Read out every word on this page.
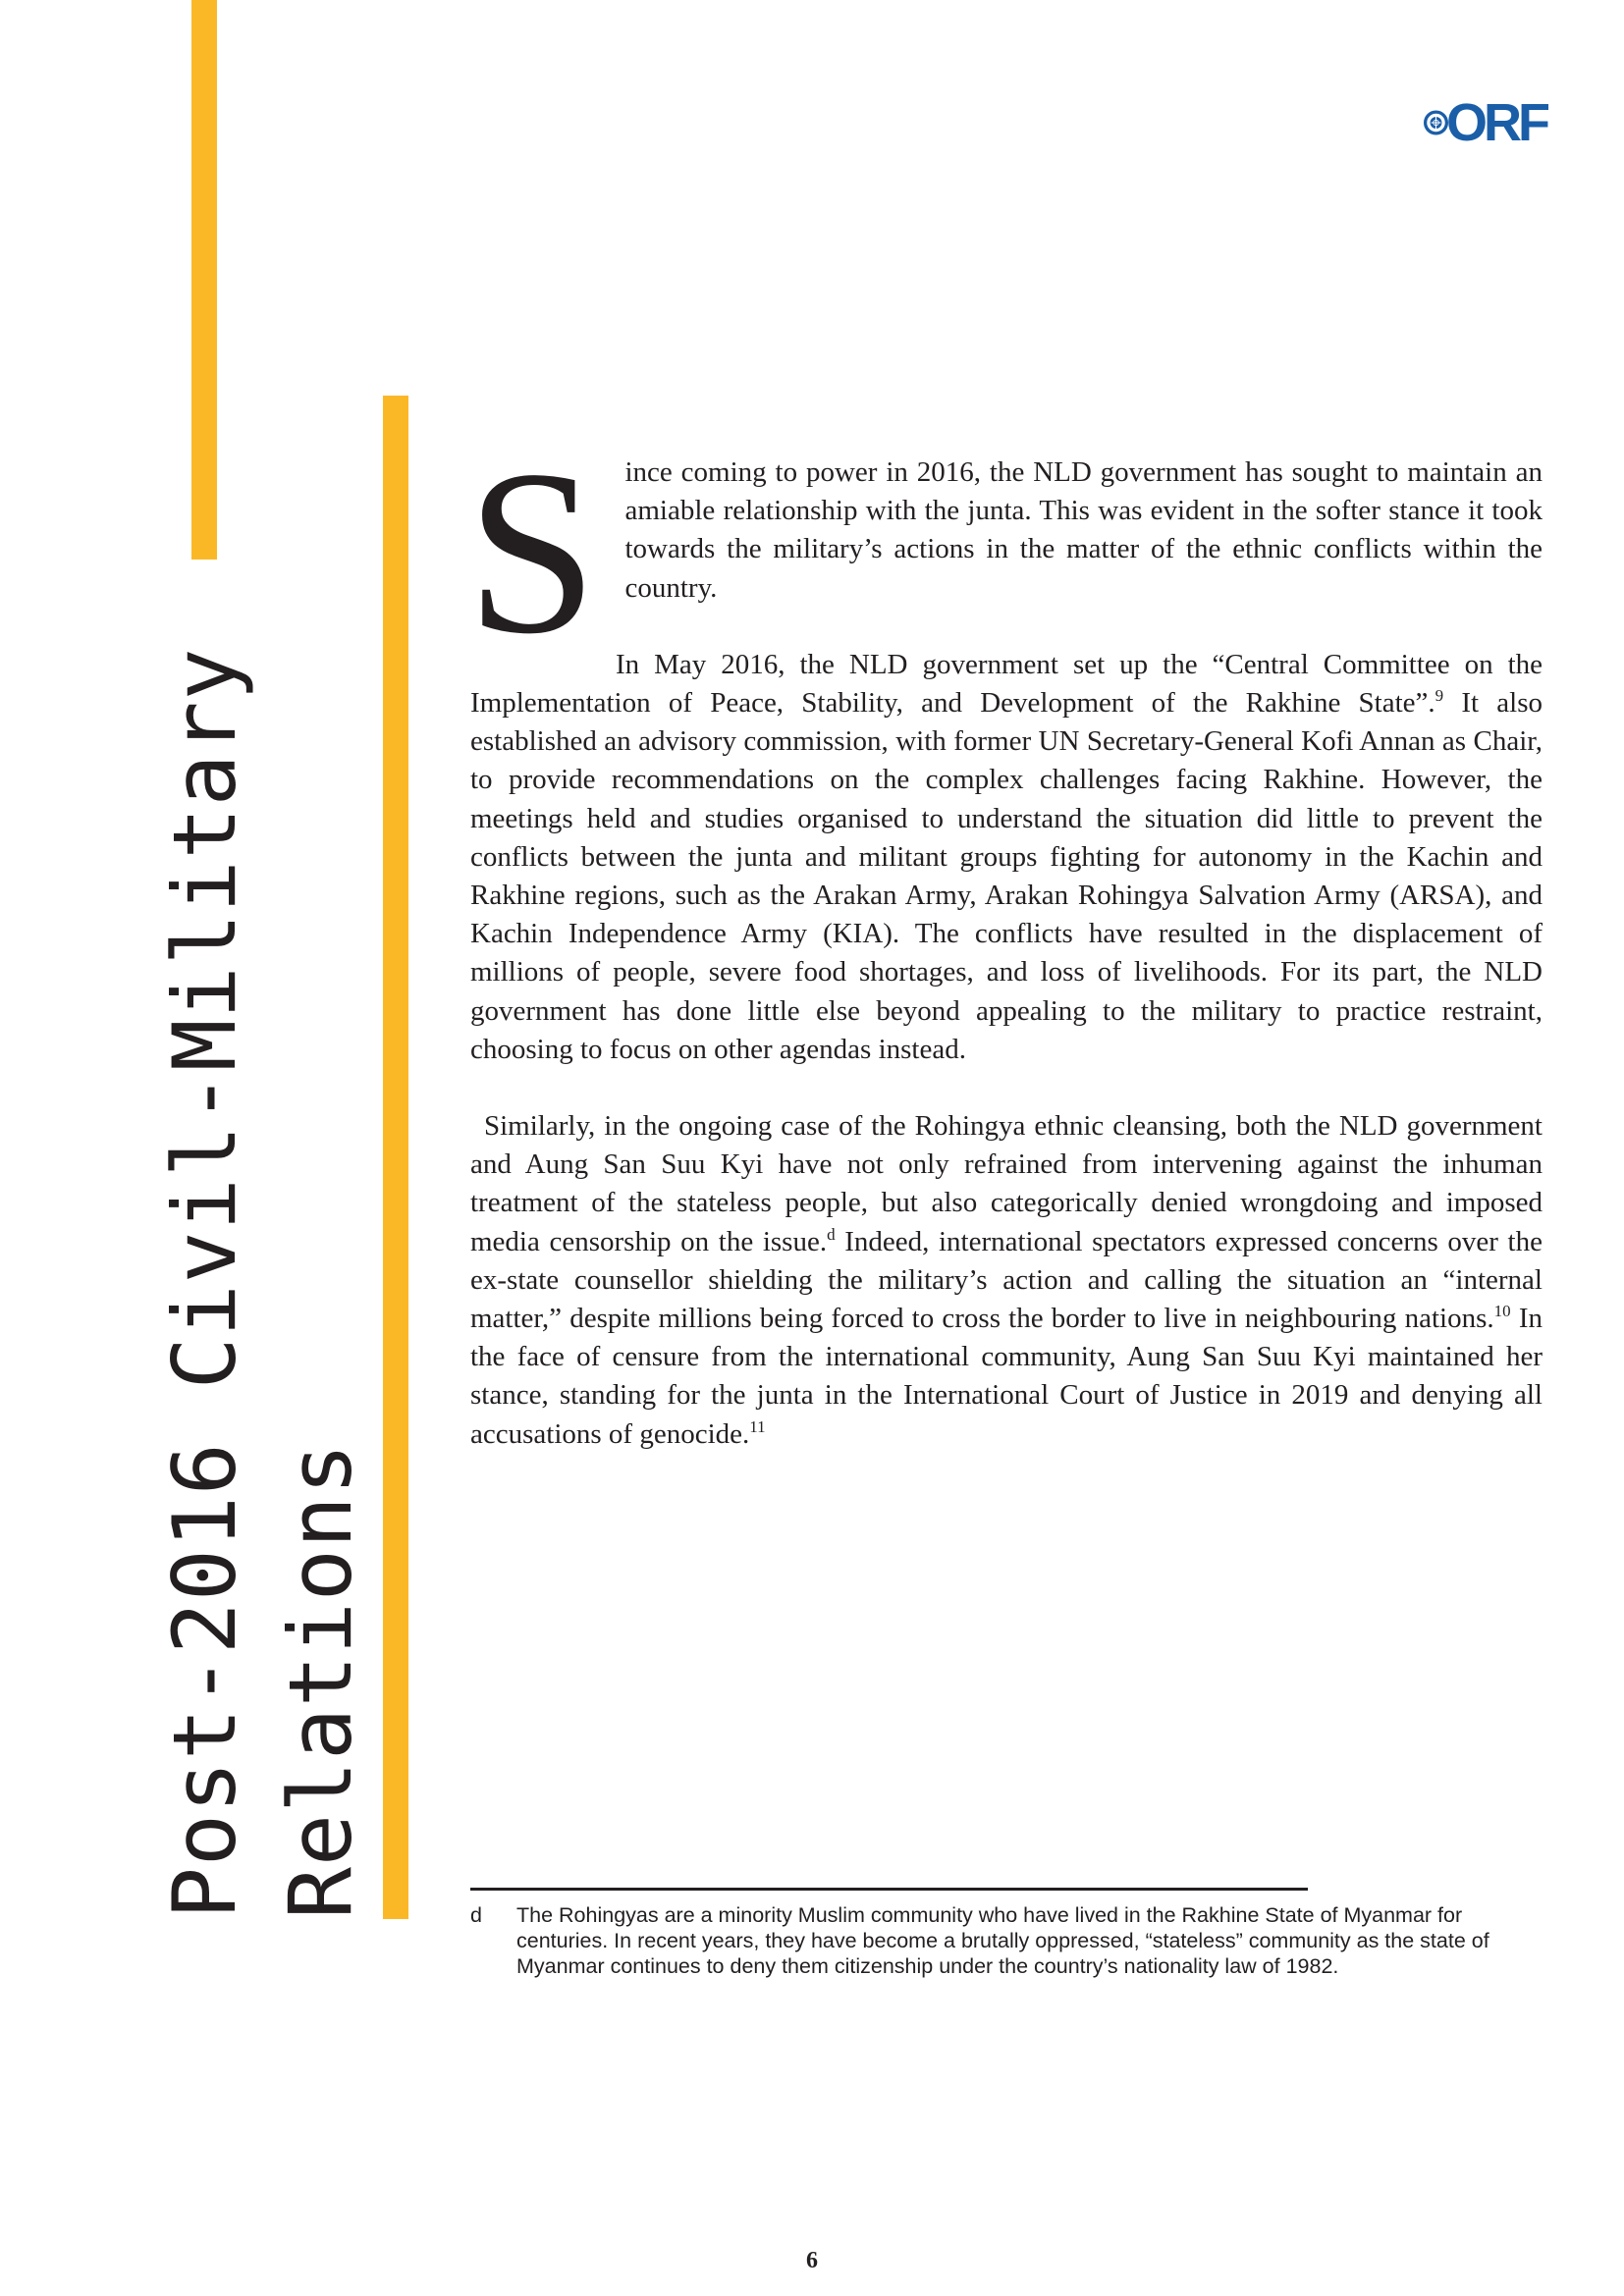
ORF
Post-2016 Civil-Military Relations

Since coming to power in 2016, the NLD government has sought to maintain an amiable relationship with the junta. This was evident in the softer stance it took towards the military’s actions in the matter of the ethnic conflicts within the country.

In May 2016, the NLD government set up the “Central Committee on the Implementation of Peace, Stability, and Development of the Rakhine State”.$^9$ It also established an advisory commission, with former UN Secretary-General Kofi Annan as Chair, to provide recommendations on the complex challenges facing Rakhine. However, the meetings held and studies organised to understand the situation did little to prevent the conflicts between the junta and militant groups fighting for autonomy in the Kachin and Rakhine regions, such as the Arakan Army, Arakan Rohingya Salvation Army (ARSA), and Kachin Independence Army (KIA). The conflicts have resulted in the displacement of millions of people, severe food shortages, and loss of livelihoods. For its part, the NLD government has done little else beyond appealing to the military to practice restraint, choosing to focus on other agendas instead.

Similarly, in the ongoing case of the Rohingya ethnic cleansing, both the NLD government and Aung San Suu Kyi have not only refrained from intervening against the inhuman treatment of the stateless people, but also categorically denied wrongdoing and imposed media censorship on the issue.$^d$ Indeed, international spectators expressed concerns over the ex-state counsellor shielding the military’s action and calling the situation an “internal matter,” despite millions being forced to cross the border to live in neighbouring nations.$^{10}$ In the face of censure from the international community, Aung San Suu Kyi maintained her stance, standing for the junta in the International Court of Justice in 2019 and denying all accusations of genocide.$^{11}$

d	The Rohingyas are a minority Muslim community who have lived in the Rakhine State of Myanmar for centuries. In recent years, they have become a brutally oppressed, “stateless” community as the state of Myanmar continues to deny them citizenship under the country’s nationality law of 1982.
6
